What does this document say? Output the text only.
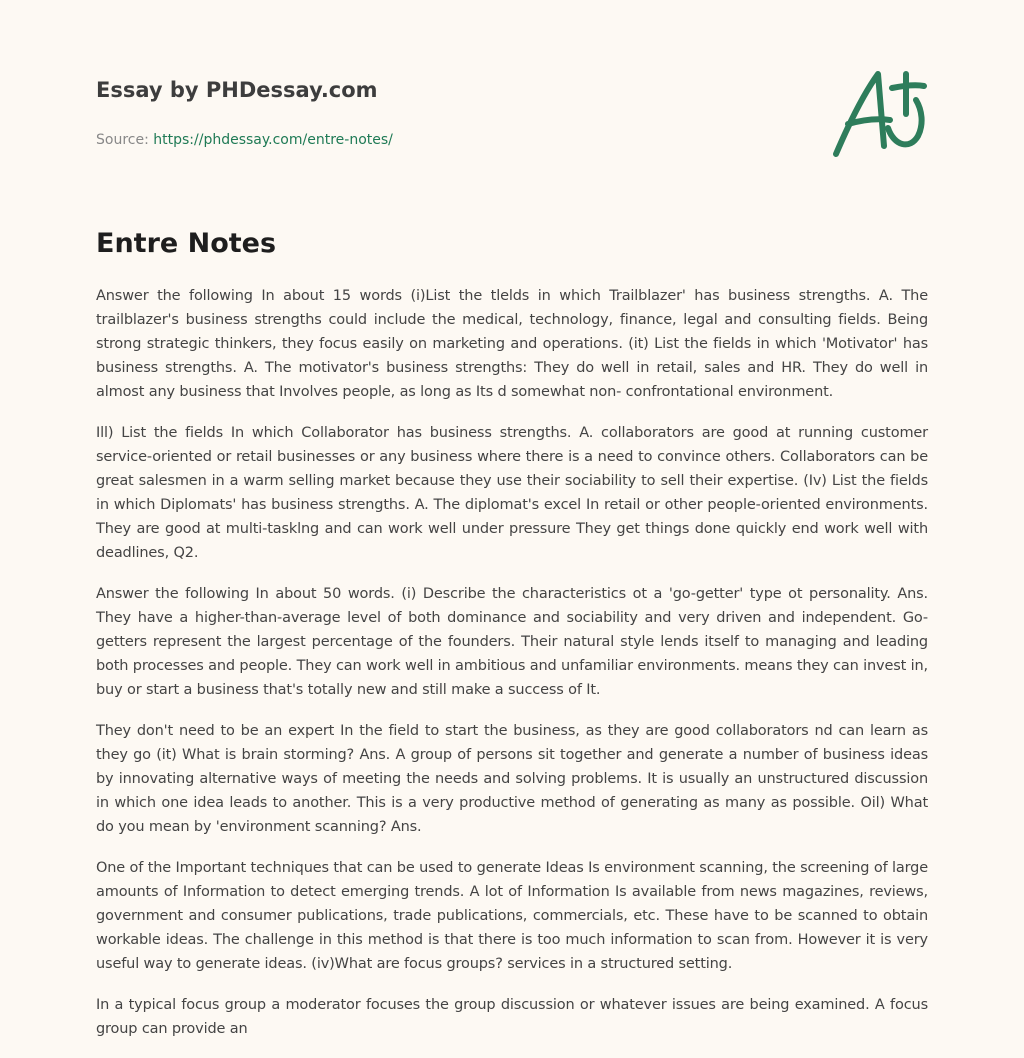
Essay by PHDessay.com
Source: https://phdessay.com/entre-notes/
Entre Notes

Answer the following In about 15 words (i)List the tlelds in which Trailblazer' has business strengths. A. The trailblazer's business strengths could include the medical, technology, finance, legal and consulting fields. Being strong strategic thinkers, they focus easily on marketing and operations. (it) List the fields in which 'Motivator' has business strengths. A. The motivator's business strengths: They do well in retail, sales and HR. They do well in almost any business that Involves people, as long as Its d somewhat non- confrontational environment.

Ill) List the fields In which Collaborator has business strengths. A. collaborators are good at running customer service-oriented or retail businesses or any business where there is a need to convince others. Collaborators can be great salesmen in a warm selling market because they use their sociability to sell their expertise. (Iv) List the fields in which Diplomats' has business strengths. A. The diplomat's excel In retail or other people-oriented environments. They are good at multi-tasklng and can work well under pressure They get things done quickly end work well with deadlines, Q2.

Answer the following In about 50 words. (i) Describe the characteristics ot a 'go-getter' type ot personality. Ans. They have a higher-than-average level of both dominance and sociability and very driven and independent. Go-getters represent the largest percentage of the founders. Their natural style lends itself to managing and leading both processes and people. They can work well in ambitious and unfamiliar environments. means they can invest in, buy or start a business that's totally new and still make a success of It.

They don't need to be an expert In the field to start the business, as they are good collaborators nd can learn as they go (it) What is brain storming? Ans. A group of persons sit together and generate a number of business ideas by innovating alternative ways of meeting the needs and solving problems. It is usually an unstructured discussion in which one idea leads to another. This is a very productive method of generating as many as possible. Oil) What do you mean by 'environment scanning? Ans.

One of the Important techniques that can be used to generate Ideas Is environment scanning, the screening of large amounts of Information to detect emerging trends. A lot of Information Is available from news magazines, reviews, government and consumer publications, trade publications, commercials, etc. These have to be scanned to obtain workable ideas. The challenge in this method is that there is too much information to scan from. However it is very useful way to generate ideas. (iv)What are focus groups? services in a structured setting.

In a typical focus group a moderator focuses the group discussion or whatever issues are being examined. A focus group can provide an
